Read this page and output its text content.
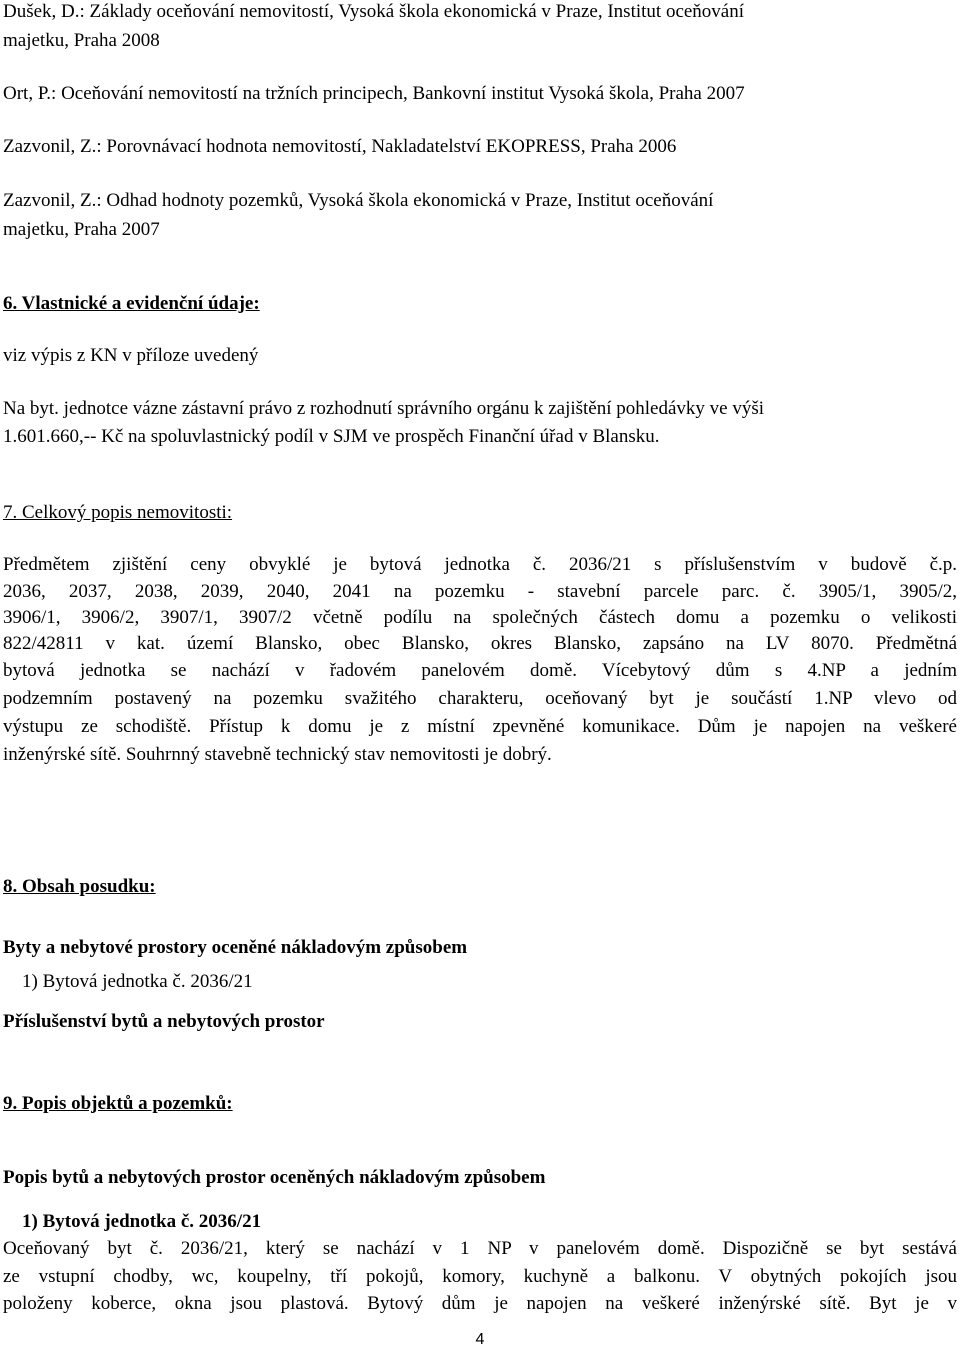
Dušek, D.: Základy oceňování nemovitostí, Vysoká škola ekonomická v Praze, Institut oceňování
majetku, Praha 2008
Ort, P.: Oceňování nemovitostí na tržních principech, Bankovní institut Vysoká škola, Praha 2007
Zazvonil, Z.: Porovnávací hodnota nemovitostí, Nakladatelství EKOPRESS, Praha 2006
Zazvonil, Z.: Odhad hodnoty pozemků, Vysoká škola ekonomická v Praze, Institut oceňování
majetku, Praha 2007
6. Vlastnické a evidenční údaje:
viz výpis z KN v příloze uvedený
Na byt. jednotce vázne zástavní právo z rozhodnutí správního orgánu k zajištění pohledávky ve výši
1.601.660,-- Kč na spoluvlastnický podíl v SJM ve prospěch Finanční úřad v Blansku.
7. Celkový popis nemovitosti:
Předmětem zjištění ceny obvyklé je bytová jednotka č. 2036/21 s příslušenstvím v budově č.p.
2036, 2037, 2038, 2039, 2040, 2041 na pozemku - stavební parcele parc. č. 3905/1, 3905/2,
3906/1, 3906/2, 3907/1, 3907/2 včetně podílu na společných částech domu a pozemku o velikosti
822/42811 v kat. území Blansko, obec Blansko, okres Blansko, zapsáno na LV 8070. Předmětná
bytová jednotka se nachází v řadovém panelovém domě. Vícebytový dům s 4.NP a jedním
podzemním postavený na pozemku svažitého charakteru, oceňovaný byt je součástí 1.NP vlevo od
výstupu ze schodiště. Přístup k domu je z místní zpevněné komunikace. Dům je napojen na veškeré
inženýrské sítě. Souhrnný stavebně technický stav nemovitosti je dobrý.
8. Obsah posudku:
Byty a nebytové prostory oceněné nákladovým způsobem
1) Bytová jednotka č. 2036/21
Příslušenství bytů a nebytových prostor
9. Popis objektů a pozemků:
Popis bytů a nebytových prostor oceněných nákladovým způsobem
1) Bytová jednotka č. 2036/21
Oceňovaný byt č. 2036/21, který se nachází v 1 NP v panelovém domě. Dispozičně se byt sestává
ze vstupní chodby, wc, koupelny, tří pokojů, komory, kuchyně a balkonu. V obytných pokojích jsou
položeny koberce, okna jsou plastová. Bytový dům je napojen na veškeré inženýrské sítě. Byt je v
4
